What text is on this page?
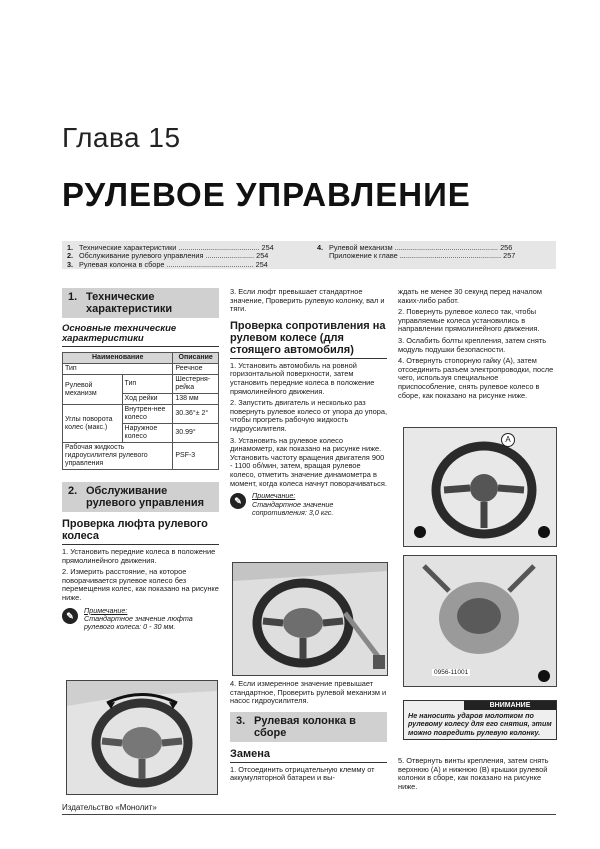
Глава 15
РУЛЕВОЕ УПРАВЛЕНИЕ
1. Технические характеристики ........................................ 254
2. Обслуживание рулевого управления ........................ 254
3. Рулевая колонка в сборе ........................................... 254
4. Рулевой механизм ................................................... 256
Приложение к главе .................................................. 257
1. Технические характеристики
Основные технические характеристики
Наименование		Описание
Тип		Реечное
Рулевой механизм	Тип	Шестерня-рейка
	Ход рейки	138 мм
Углы поворота колес (макс.)	Внутрен-нее колесо	30.36°± 2°
	Наружное колесо	30.99°
Рабочая жидкость гидроусилителя рулевого управления		PSF-3
2. Обслуживание рулевого управления
Проверка люфта рулевого колеса

1. Установить передние колеса в положение прямолинейного движения.

2. Измерить расстояние, на которое поворачивается рулевое колесо без перемещения колес, как показано на рисунке ниже.

✎
Примечание:
Стандартное значение люфта рулевого колеса: 0 - 30 мм.

3. Если люфт превышает стандартное значение, Проверить рулевую колонку, вал и тяги.

Проверка сопротивления на рулевом колесе (для стоящего автомобиля)

1. Установить автомобиль на ровной горизонтальной поверхности, затем установить передние колеса в положение прямолинейного движения.

2. Запустить двигатель и несколько раз повернуть рулевое колесо от упора до упора, чтобы прогреть рабочую жидкость гидроусилителя.

3. Установить на рулевое колесо динамометр, как показано на рисунке ниже. Установить частоту вращения двигателя 900 - 1100 об/мин, затем, вращая рулевое колесо, отметить значение динамометра в момент, когда колеса начнут поворачиваться.

✎
Примечание:
Стандартное значение сопротивления: 3,0 кгс.

4. Если измеренное значение превышает стандартное, Проверить рулевой механизм и насос гидроусилителя.

3. Рулевая колонка в сборе
Замена

1. Отсоединить отрицательную клемму от аккумуляторной батареи и вы-

ждать не менее 30 секунд перед началом каких-либо работ.

2. Повернуть рулевое колесо так, чтобы управляемые колеса установились в направлении прямолинейного движения.

3. Ослабить болты крепления, затем снять модуль подушки безопасности.

4. Отвернуть стопорную гайку (А), затем отсоединить разъем электропроводки, после чего, используя специальное приспособление, снять рулевое колесо в сборе, как показано на рисунке ниже.

A
0956-11001
ВНИМАНИЕ
Не наносить ударов молотком по рулевому колесу для его снятия, этим можно повредить рулевую колонку.

5. Отвернуть винты крепления, затем снять верхнюю (А) и нижнюю (В) крышки рулевой колонки в сборе, как показано на рисунке ниже.

Издательство «Монолит»
